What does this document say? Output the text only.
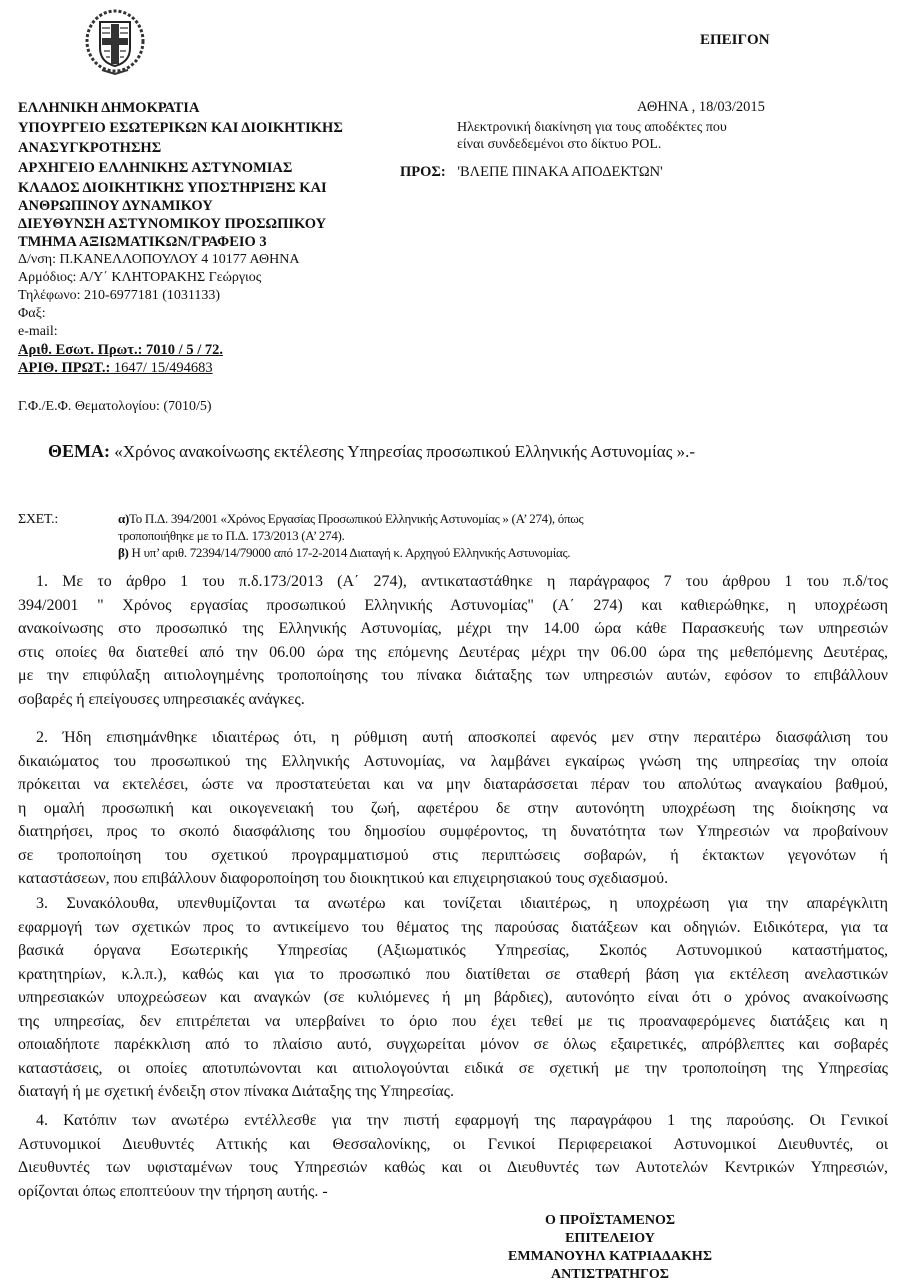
ΕΠΕΙΓΟΝ
ΕΛΛΗΝΙΚΗ ΔΗΜΟΚΡΑΤΙΑ
ΥΠΟΥΡΓΕΙΟ ΕΣΩΤΕΡΙΚΩΝ ΚΑΙ ΔΙΟΙΚΗΤΙΚΗΣ
ΑΝΑΣΥΓΚΡΟΤΗΣΗΣ
ΑΡΧΗΓΕΙΟ ΕΛΛΗΝΙΚΗΣ ΑΣΤΥΝΟΜΙΑΣ
ΚΛΑΔΟΣ ΔΙΟΙΚΗΤΙΚΗΣ ΥΠΟΣΤΗΡΙΞΗΣ ΚΑΙ
ΑΝΘΡΩΠΙΝΟΥ ΔΥΝΑΜΙΚΟΥ
ΔΙΕΥΘΥΝΣΗ ΑΣΤΥΝΟΜΙΚΟΥ ΠΡΟΣΩΠΙΚΟΥ
ΤΜΗΜΑ ΑΞΙΩΜΑΤΙΚΩΝ/ΓΡΑΦΕΙΟ 3
Δ/νση: Π.ΚΑΝΕΛΛΟΠΟΥΛΟΥ 4 10177 ΑΘΗΝΑ
Αρμόδιος: Α/Υ΄ ΚΛΗΤΟΡΑΚΗΣ Γεώργιος
Τηλέφωνο: 210-6977181 (1031133)
Φαξ:
e-mail:
Αριθ. Εσωτ. Πρωτ.: 7010 / 5 / 72.
ΑΡΙΘ. ΠΡΩΤ.: 1647/ 15/494683
ΑΘΗΝΑ , 18/03/2015
Ηλεκτρονική διακίνηση για τους αποδέκτες που
είναι συνδεδεμένοι στο δίκτυο POL.
ΠΡΟΣ: 'ΒΛΕΠΕ ΠΙΝΑΚΑ ΑΠΟΔΕΚΤΩΝ'
Γ.Φ./Ε.Φ. Θεματολογίου: (7010/5)
ΘΕΜΑ: «Χρόνος ανακοίνωσης εκτέλεσης Υπηρεσίας προσωπικού Ελληνικής Αστυνομίας ».-
ΣΧΕΤ.:	α)Το Π.Δ. 394/2001 «Χρόνος Εργασίας Προσωπικού Ελληνικής Αστυνομίας » (Α’ 274), όπως
τροποποιήθηκε με το Π.Δ. 173/2013 (Α’ 274).
β) Η υπ’ αριθ. 72394/14/79000 από 17-2-2014 Διαταγή κ. Αρχηγού Ελληνικής Αστυνομίας.
1. Με το άρθρο 1 του π.δ.173/2013 (Α΄ 274), αντικαταστάθηκε η παράγραφος 7 του άρθρου 1 του π.δ/τος
394/2001 " Χρόνος εργασίας προσωπικού Ελληνικής Αστυνομίας" (Α΄ 274) και καθιερώθηκε, η υποχρέωση
ανακοίνωσης στο προσωπικό της Ελληνικής Αστυνομίας, μέχρι την 14.00 ώρα κάθε Παρασκευής των υπηρεσιών
στις οποίες θα διατεθεί από την 06.00 ώρα της επόμενης Δευτέρας μέχρι την 06.00 ώρα της μεθεπόμενης Δευτέρας,
με την επιφύλαξη αιτιολογημένης τροποποίησης του πίνακα διάταξης των υπηρεσιών αυτών, εφόσον το επιβάλλουν
σοβαρές ή επείγουσες υπηρεσιακές ανάγκες.
2. Ήδη επισημάνθηκε ιδιαιτέρως ότι, η ρύθμιση αυτή αποσκοπεί αφενός μεν στην περαιτέρω διασφάλιση του
δικαιώματος του προσωπικού της Ελληνικής Αστυνομίας, να λαμβάνει εγκαίρως γνώση της υπηρεσίας την οποία
πρόκειται να εκτελέσει, ώστε να προστατεύεται και να μην διαταράσσεται πέραν του απολύτως αναγκαίου βαθμού,
η ομαλή προσωπική και οικογενειακή του ζωή, αφετέρου δε στην αυτονόητη υποχρέωση της διοίκησης να
διατηρήσει, προς το σκοπό διασφάλισης του δημοσίου συμφέροντος, τη δυνατότητα των Υπηρεσιών να προβαίνουν
σε τροποποίηση του σχετικού προγραμματισμού στις περιπτώσεις σοβαρών, ή έκτακτων γεγονότων ή
καταστάσεων, που επιβάλλουν διαφοροποίηση του διοικητικού και επιχειρησιακού τους σχεδιασμού.
3. Συνακόλουθα, υπενθυμίζονται τα ανωτέρω και τονίζεται ιδιαιτέρως, η υποχρέωση για την απαρέγκλιτη
εφαρμογή των σχετικών προς το αντικείμενο του θέματος της παρούσας διατάξεων και οδηγιών. Ειδικότερα, για τα
βασικά όργανα Εσωτερικής Υπηρεσίας (Αξιωματικός Υπηρεσίας, Σκοπός Αστυνομικού καταστήματος,
κρατητηρίων, κ.λ.π.), καθώς και για το προσωπικό που διατίθεται σε σταθερή βάση για εκτέλεση ανελαστικών
υπηρεσιακών υποχρεώσεων και αναγκών (σε κυλιόμενες ή μη βάρδιες), αυτονόητο είναι ότι ο χρόνος ανακοίνωσης
της υπηρεσίας, δεν επιτρέπεται να υπερβαίνει το όριο που έχει τεθεί με τις προαναφερόμενες διατάξεις και η
οποιαδήποτε παρέκκλιση από το πλαίσιο αυτό, συγχωρείται μόνον σε όλως εξαιρετικές, απρόβλεπτες και σοβαρές
καταστάσεις, οι οποίες αποτυπώνονται και αιτιολογούνται ειδικά σε σχετική με την τροποποίηση της Υπηρεσίας
διαταγή ή με σχετική ένδειξη στον πίνακα Διάταξης της Υπηρεσίας.
4. Κατόπιν των ανωτέρω εντέλλεσθε για την πιστή εφαρμογή της παραγράφου 1 της παρούσης. Οι Γενικοί
Αστυνομικοί Διευθυντές Αττικής και Θεσσαλονίκης, οι Γενικοί Περιφερειακοί Αστυνομικοί Διευθυντές, οι
Διευθυντές των υφισταμένων τους Υπηρεσιών καθώς και οι Διευθυντές των Αυτοτελών Κεντρικών Υπηρεσιών,
ορίζονται όπως εποπτεύουν την τήρηση αυτής. -
Ο ΠΡΟΪΣΤΑΜΕΝΟΣ
ΕΠΙΤΕΛΕΙΟΥ
ΕΜΜΑΝΟΥΗΛ ΚΑΤΡΙΑΔΑΚΗΣ
ΑΝΤΙΣΤΡΑΤΗΓΟΣ
